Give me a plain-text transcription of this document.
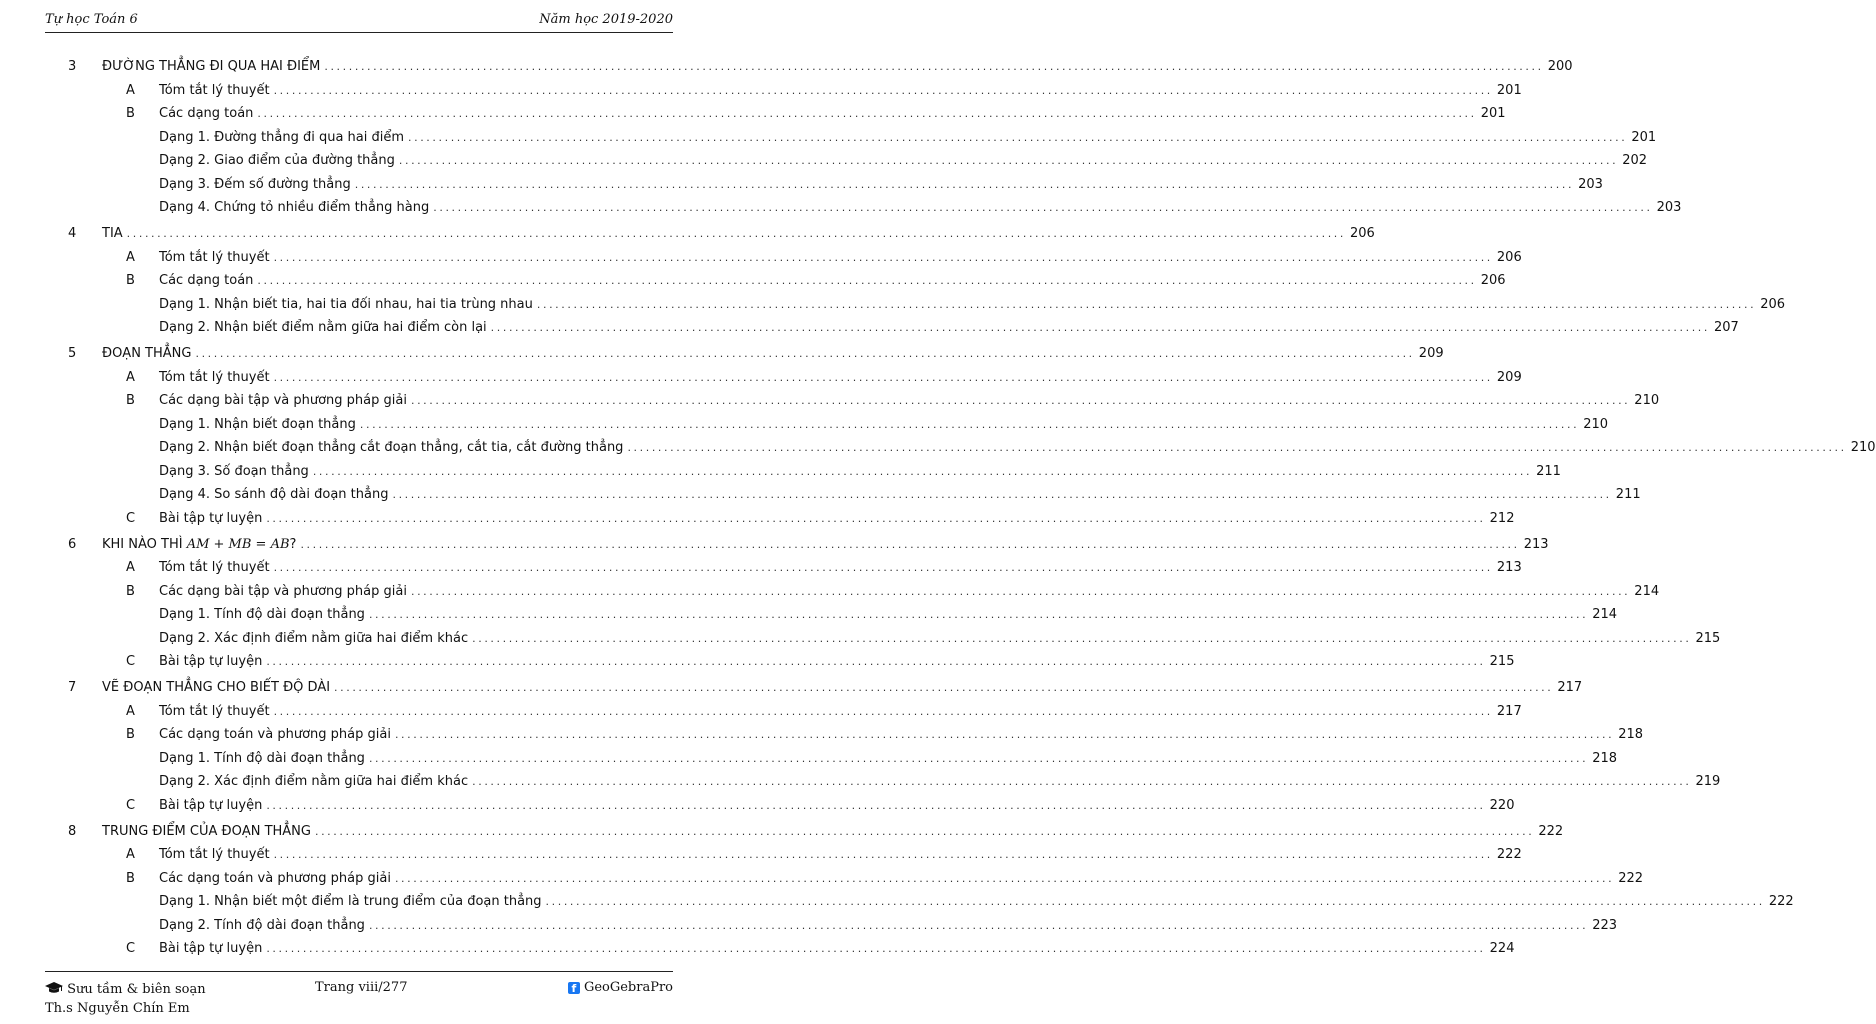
Tự học Toán 6	Năm học 2019-2020
3 ĐƯỜNG THẲNG ĐI QUA HAI ĐIỂM ........................................................................................................................................................................................................ 200
A Tóm tắt lý thuyết ........................................................................................................................................................................................................ 201
B Các dạng toán ........................................................................................................................................................................................................ 201
Dạng 1. Đường thẳng đi qua hai điểm ........................................................................................................................................................................................................ 201
Dạng 2. Giao điểm của đường thẳng ........................................................................................................................................................................................................ 202
Dạng 3. Đếm số đường thẳng ........................................................................................................................................................................................................ 203
Dạng 4. Chứng tỏ nhiều điểm thẳng hàng ........................................................................................................................................................................................................ 203
4 TIA ........................................................................................................................................................................................................ 206
A Tóm tắt lý thuyết ........................................................................................................................................................................................................ 206
B Các dạng toán ........................................................................................................................................................................................................ 206
Dạng 1. Nhận biết tia, hai tia đối nhau, hai tia trùng nhau ........................................................................................................................................................................................................ 206
Dạng 2. Nhận biết điểm nằm giữa hai điểm còn lại ........................................................................................................................................................................................................ 207
5 ĐOẠN THẲNG ........................................................................................................................................................................................................ 209
A Tóm tắt lý thuyết ........................................................................................................................................................................................................ 209
B Các dạng bài tập và phương pháp giải ........................................................................................................................................................................................................ 210
Dạng 1. Nhận biết đoạn thẳng ........................................................................................................................................................................................................ 210
Dạng 2. Nhận biết đoạn thẳng cắt đoạn thẳng, cắt tia, cắt đường thẳng ........................................................................................................................................................................................................ 210
Dạng 3. Số đoạn thẳng ........................................................................................................................................................................................................ 211
Dạng 4. So sánh độ dài đoạn thẳng ........................................................................................................................................................................................................ 211
C Bài tập tự luyện ........................................................................................................................................................................................................ 212
6 KHI NÀO THÌ AM + MB = AB? ........................................................................................................................................................................................................ 213
A Tóm tắt lý thuyết ........................................................................................................................................................................................................ 213
B Các dạng bài tập và phương pháp giải ........................................................................................................................................................................................................ 214
Dạng 1. Tính độ dài đoạn thẳng ........................................................................................................................................................................................................ 214
Dạng 2. Xác định điểm nằm giữa hai điểm khác ........................................................................................................................................................................................................ 215
C Bài tập tự luyện ........................................................................................................................................................................................................ 215
7 VẼ ĐOẠN THẲNG CHO BIẾT ĐỘ DÀI ........................................................................................................................................................................................................ 217
A Tóm tắt lý thuyết ........................................................................................................................................................................................................ 217
B Các dạng toán và phương pháp giải ........................................................................................................................................................................................................ 218
Dạng 1. Tính độ dài đoạn thẳng ........................................................................................................................................................................................................ 218
Dạng 2. Xác định điểm nằm giữa hai điểm khác ........................................................................................................................................................................................................ 219
C Bài tập tự luyện ........................................................................................................................................................................................................ 220
8 TRUNG ĐIỂM CỦA ĐOẠN THẲNG ........................................................................................................................................................................................................ 222
A Tóm tắt lý thuyết ........................................................................................................................................................................................................ 222
B Các dạng toán và phương pháp giải ........................................................................................................................................................................................................ 222
Dạng 1. Nhận biết một điểm là trung điểm của đoạn thẳng ........................................................................................................................................................................................................ 222
Dạng 2. Tính độ dài đoạn thẳng ........................................................................................................................................................................................................ 223
C Bài tập tự luyện ........................................................................................................................................................................................................ 224
Sưu tầm & biên soạn
Th.s Nguyễn Chín Em
Trang viii/277	f GeoGebraPro
